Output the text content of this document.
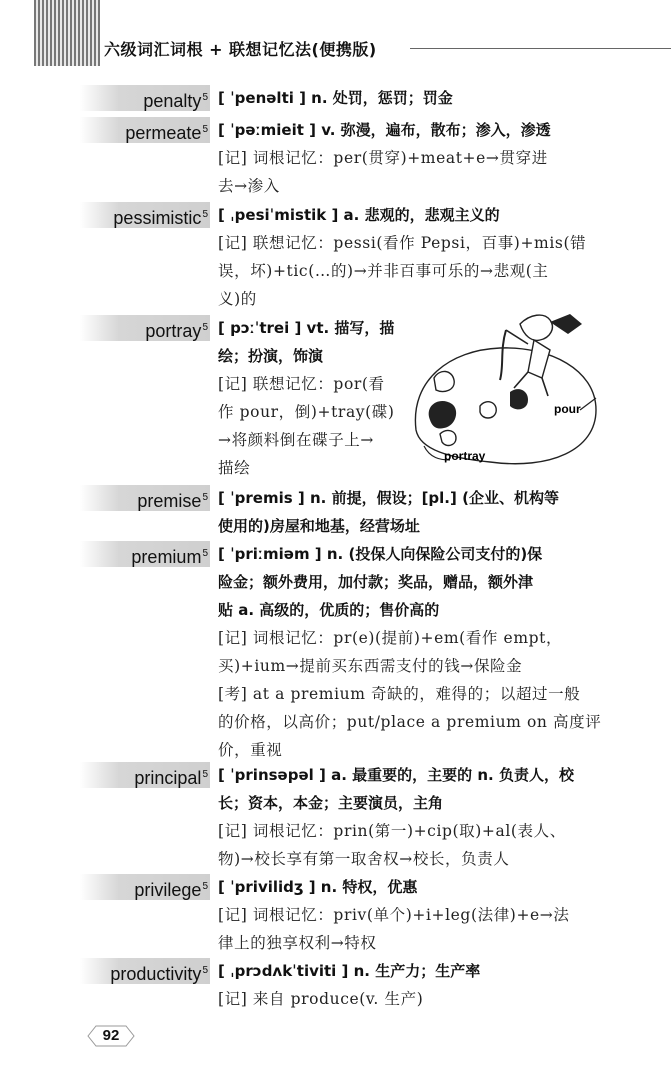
六级词汇词根 + 联想记忆法(便携版)
penalty$^5$ [ ˈpenəlti ] n. 处罚，惩罚；罚金
permeate$^5$ [ ˈpəːmieit ] v. 弥漫，遍布，散布；渗入，渗透
[记] 词根记忆：per(贯穿)+meat+e→贯穿进
去→渗入
pessimistic$^5$ [ ˌpesiˈmistik ] a. 悲观的，悲观主义的
[记] 联想记忆：pessi(看作 Pepsi，百事)+mis(错
误，坏)+tic(…的)→并非百事可乐的→悲观(主
义)的
portray$^5$ [ pɔːˈtrei ] vt. 描写，描
绘；扮演，饰演
[记] 联想记忆：por(看
作 pour，倒)+tray(碟)
→将颜料倒在碟子上→
描绘
pour
portray
premise$^5$ [ ˈpremis ] n. 前提，假设；[pl.] (企业、机构等
使用的)房屋和地基，经营场址
premium$^5$ [ ˈpriːmiəm ] n. (投保人向保险公司支付的)保
险金；额外费用，加付款；奖品，赠品，额外津
贴 a. 高级的，优质的；售价高的
[记] 词根记忆：pr(e)(提前)+em(看作 empt，
买)+ium→提前买东西需支付的钱→保险金
[考] at a premium 奇缺的，难得的；以超过一般
的价格，以高价；put/place a premium on 高度评
价，重视
principal$^5$ [ ˈprinsəpəl ] a. 最重要的，主要的 n. 负责人，校
长；资本，本金；主要演员，主角
[记] 词根记忆：prin(第一)+cip(取)+al(表人、
物)→校长享有第一取舍权→校长，负责人
privilege$^5$ [ ˈprivilidʒ ] n. 特权，优惠
[记] 词根记忆：priv(单个)+i+leg(法律)+e→法
律上的独享权利→特权
productivity$^5$ [ ˌprɔdʌkˈtiviti ] n. 生产力；生产率
[记] 来自 produce(v. 生产)
92
